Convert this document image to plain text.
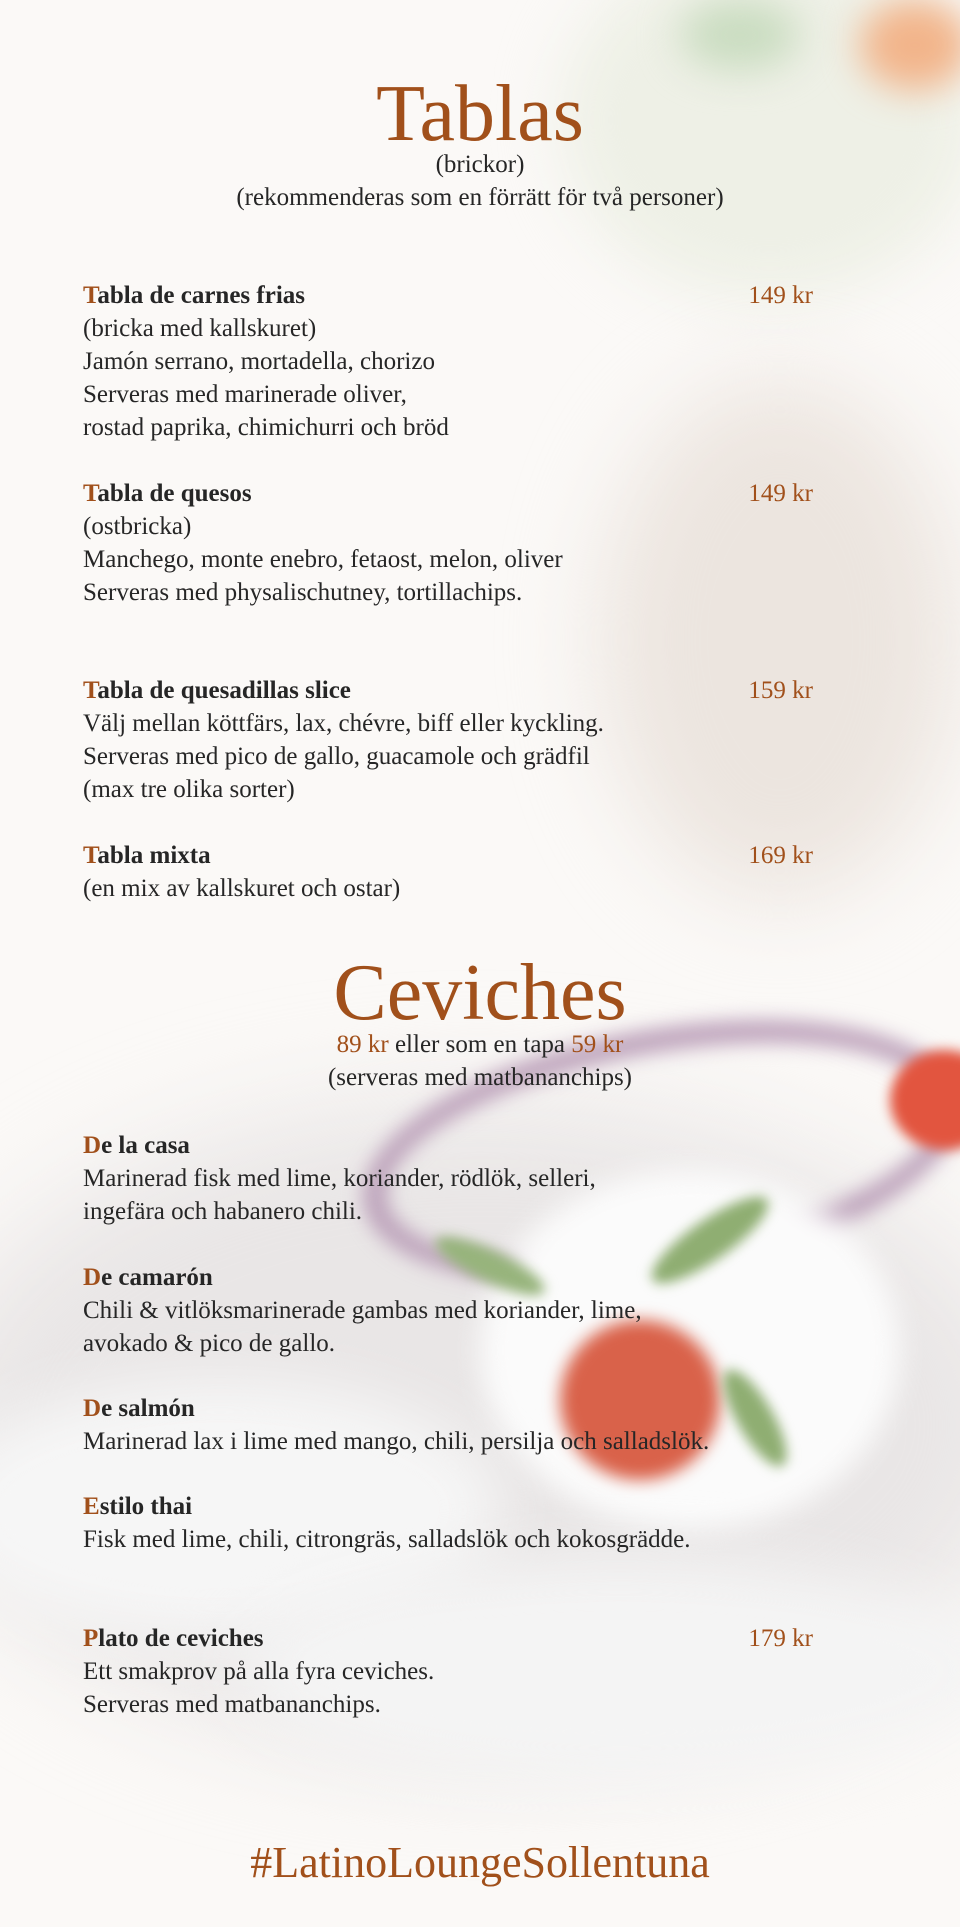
Tablas

(brickor)

(rekommenderas som en förrätt för två personer)

Tabla de carnes frias	149 kr
(bricka med kallskuret)
Jamón serrano, mortadella, chorizo
Serveras med marinerade oliver,
rostad paprika, chimichurri och bröd
Tabla de quesos	149 kr
(ostbricka)
Manchego, monte enebro, fetaost, melon, oliver
Serveras med physalischutney, tortillachips.
Tabla de quesadillas slice	159 kr
Välj mellan köttfärs, lax, chévre, biff eller kyckling.
Serveras med pico de gallo, guacamole och grädfil
(max tre olika sorter)
Tabla mixta	169 kr
(en mix av kallskuret och ostar)
Ceviches

89 kr eller som en tapa 59 kr

(serveras med matbananchips)

De la casa
Marinerad fisk med lime, koriander, rödlök, selleri,
ingefära och habanero chili.
De camarón
Chili & vitlöksmarinerade gambas med koriander, lime,
avokado & pico de gallo.
De salmón
Marinerad lax i lime med mango, chili, persilja och salladslök.
Estilo thai
Fisk med lime, chili, citrongräs, salladslök och kokosgrädde.
Plato de ceviches	179 kr
Ett smakprov på alla fyra ceviches.
Serveras med matbananchips.
#LatinoLoungeSollentuna
